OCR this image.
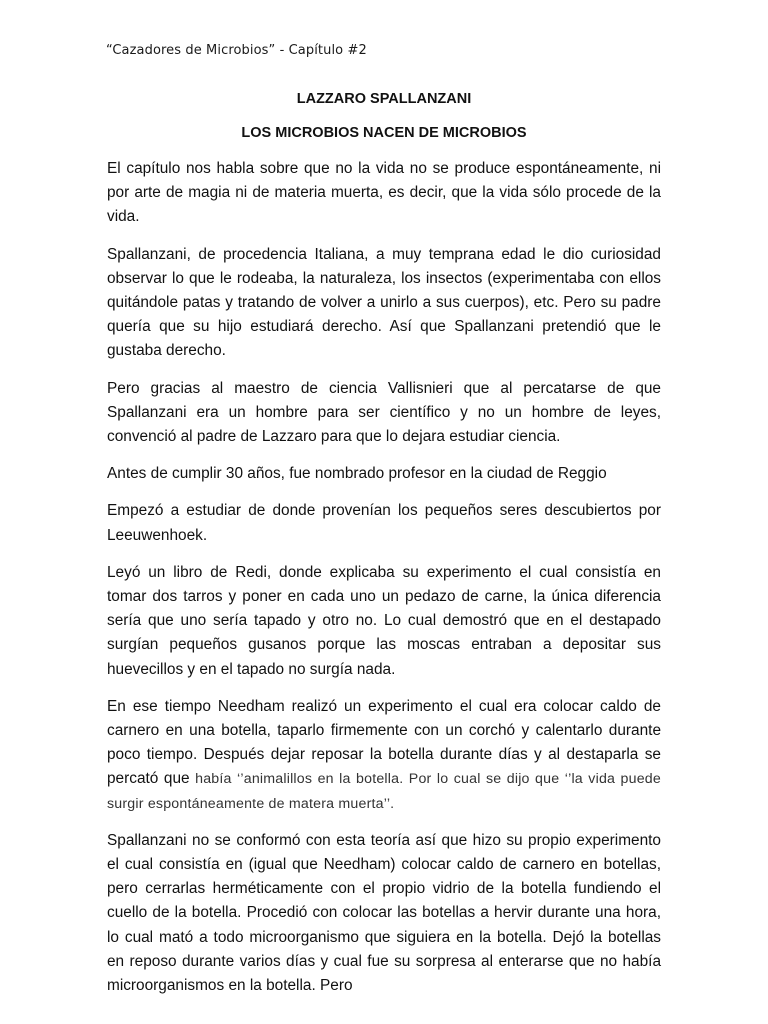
“Cazadores de Microbios” - Capítulo #2
LAZZARO SPALLANZANI
LOS MICROBIOS NACEN DE MICROBIOS

El capítulo nos habla sobre que no la vida no se produce espontáneamente, ni por arte de magia ni de materia muerta, es decir, que la vida sólo procede de la vida.

Spallanzani, de procedencia Italiana, a muy temprana edad le dio curiosidad observar lo que le rodeaba, la naturaleza, los insectos (experimentaba con ellos quitándole patas y tratando de volver a unirlo a sus cuerpos), etc. Pero su padre quería que su hijo estudiará derecho. Así que Spallanzani pretendió que le gustaba derecho.

Pero gracias al maestro de ciencia Vallisnieri que al percatarse de que Spallanzani era un hombre para ser científico y no un hombre de leyes, convenció al padre de Lazzaro para que lo dejara estudiar ciencia.

Antes de cumplir 30 años, fue nombrado profesor en la ciudad de Reggio

Empezó a estudiar de donde provenían los pequeños seres descubiertos por Leeuwenhoek.

Leyó un libro de Redi, donde explicaba su experimento el cual consistía en tomar dos tarros y poner en cada uno un pedazo de carne, la única diferencia sería que uno sería tapado y otro no. Lo cual demostró que en el destapado surgían pequeños gusanos porque las moscas entraban a depositar sus huevecillos y en el tapado no surgía nada.

En ese tiempo Needham realizó un experimento el cual era colocar caldo de carnero en una botella, taparlo firmemente con un corchó y calentarlo durante poco tiempo. Después dejar reposar la botella durante días y al destaparla se percató que había ‘’animalillos en la botella. Por lo cual se dijo que ‘’la vida puede surgir espontáneamente de matera muerta’’.

Spallanzani no se conformó con esta teoría así que hizo su propio experimento el cual consistía en (igual que Needham) colocar caldo de carnero en botellas, pero cerrarlas herméticamente con el propio vidrio de la botella fundiendo el cuello de la botella. Procedió con colocar las botellas a hervir durante una hora, lo cual mató a todo microorganismo que siguiera en la botella. Dejó la botellas en reposo durante varios días y cual fue su sorpresa al enterarse que no había microorganismos en la botella. Pero
